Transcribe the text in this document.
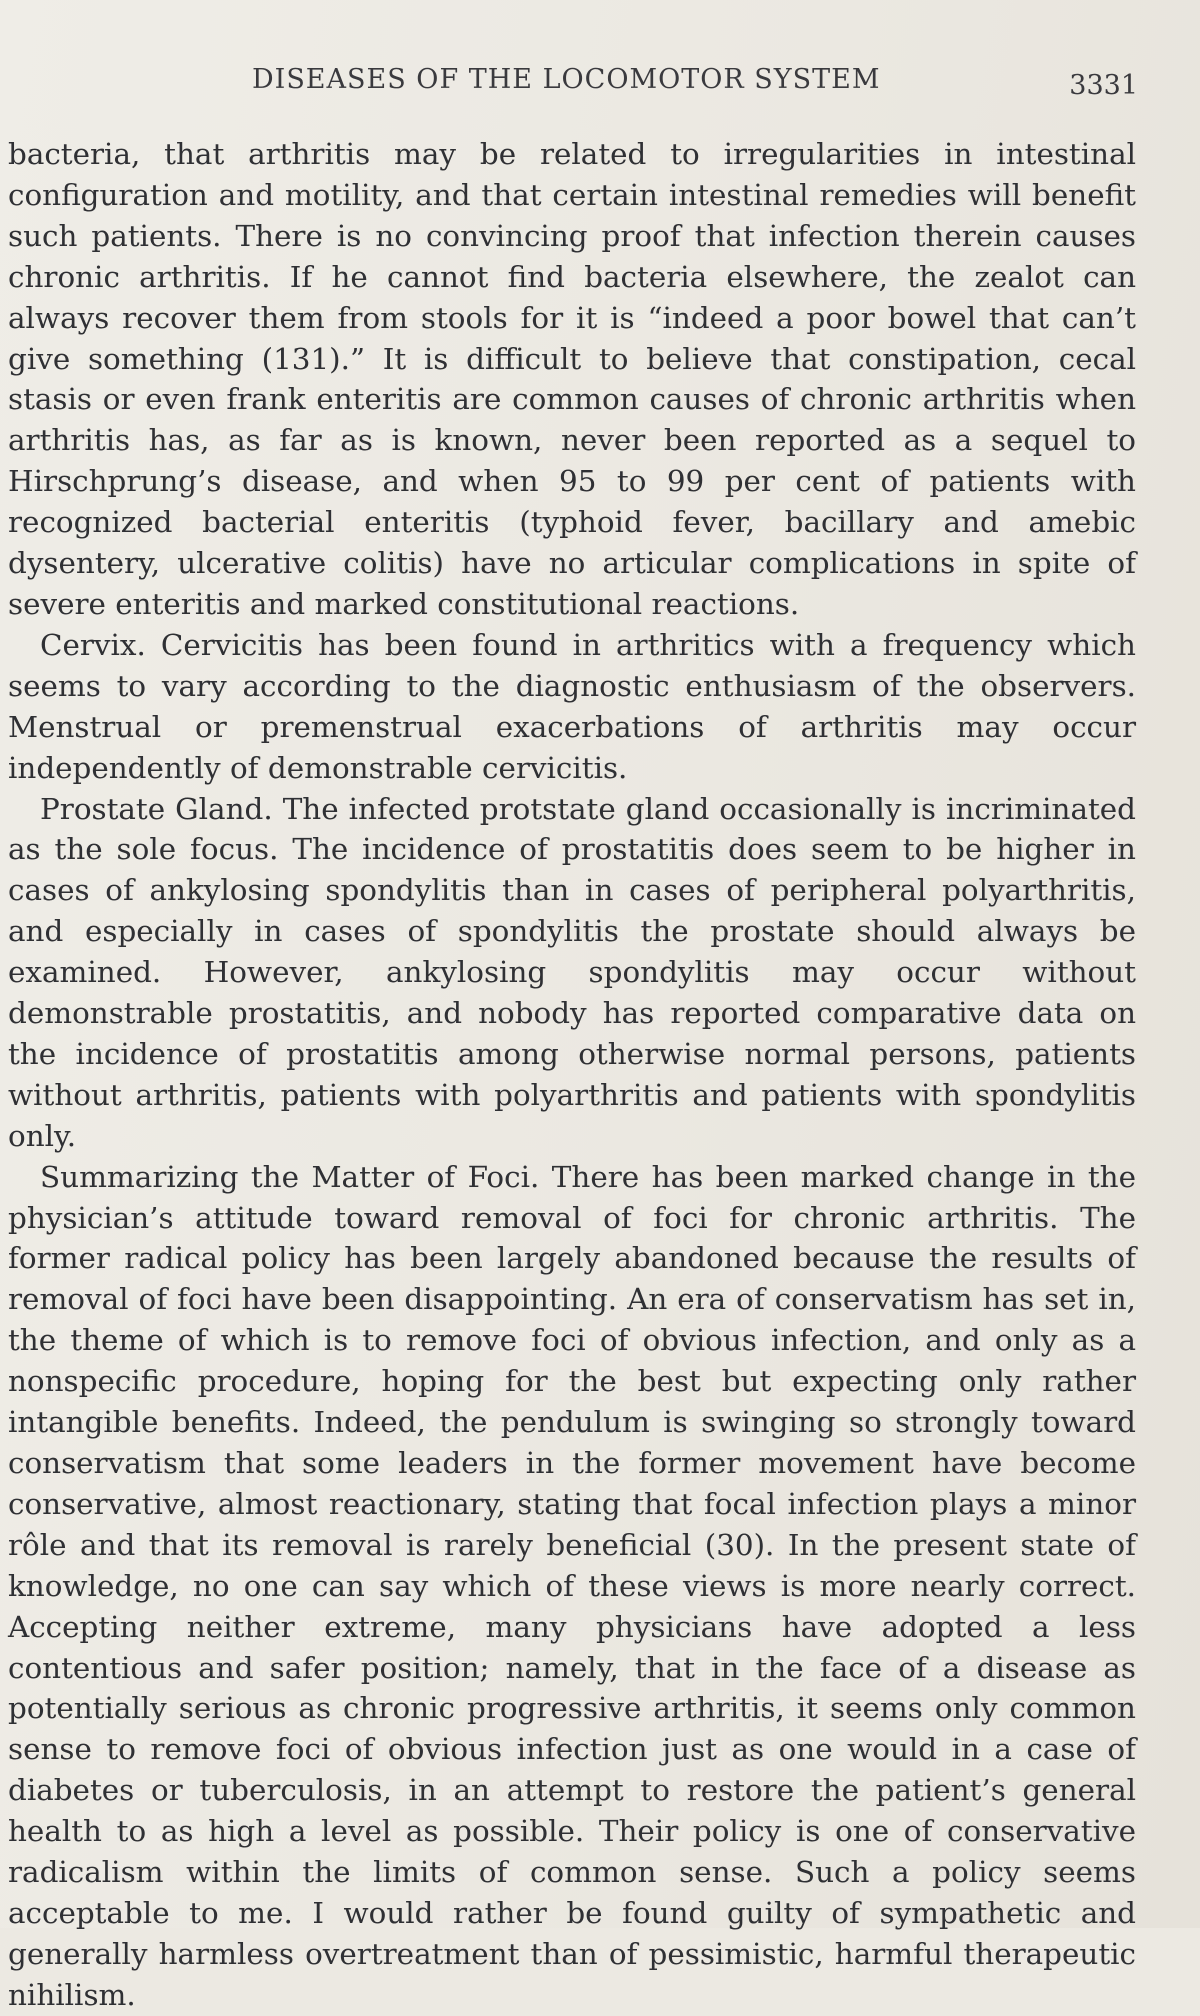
DISEASES OF THE LOCOMOTOR SYSTEM	3331

bacteria, that arthritis may be related to irregularities in intestinal configuration and motility, and that certain intestinal remedies will benefit such patients. There is no convincing proof that infection therein causes chronic arthritis. If he cannot find bacteria elsewhere, the zealot can always recover them from stools for it is “indeed a poor bowel that can’t give something (131).” It is difficult to believe that constipation, cecal stasis or even frank enteritis are common causes of chronic arthritis when arthritis has, as far as is known, never been reported as a sequel to Hirschprung’s disease, and when 95 to 99 per cent of patients with recognized bacterial enteritis (typhoid fever, bacillary and amebic dysentery, ulcerative colitis) have no articular complications in spite of severe enteritis and marked constitutional reactions.

Cervix. Cervicitis has been found in arthritics with a frequency which seems to vary according to the diagnostic enthusiasm of the observers. Menstrual or premenstrual exacerbations of arthritis may occur independently of demonstrable cervicitis.

Prostate Gland. The infected protstate gland occasionally is incriminated as the sole focus. The incidence of prostatitis does seem to be higher in cases of ankylosing spondylitis than in cases of peripheral polyarthritis, and especially in cases of spondylitis the prostate should always be examined. However, ankylosing spondylitis may occur without demonstrable prostatitis, and nobody has reported comparative data on the incidence of prostatitis among otherwise normal persons, patients without arthritis, patients with polyarthritis and patients with spondylitis only.

Summarizing the Matter of Foci. There has been marked change in the physician’s attitude toward removal of foci for chronic arthritis. The former radical policy has been largely abandoned because the results of removal of foci have been disappointing. An era of conservatism has set in, the theme of which is to remove foci of obvious infection, and only as a nonspecific procedure, hoping for the best but expecting only rather intangible benefits. Indeed, the pendulum is swinging so strongly toward conservatism that some leaders in the former movement have become conservative, almost reactionary, stating that focal infection plays a minor rôle and that its removal is rarely beneficial (30). In the present state of knowledge, no one can say which of these views is more nearly correct. Accepting neither extreme, many physicians have adopted a less contentious and safer position; namely, that in the face of a disease as potentially serious as chronic progressive arthritis, it seems only common sense to remove foci of obvious infection just as one would in a case of diabetes or tuberculosis, in an attempt to restore the patient’s general health to as high a level as possible. Their policy is one of conservative radicalism within the limits of common sense. Such a policy seems acceptable to me. I would rather be found guilty of sympathetic and generally harmless overtreatment than of pessimistic, harmful therapeutic nihilism.
